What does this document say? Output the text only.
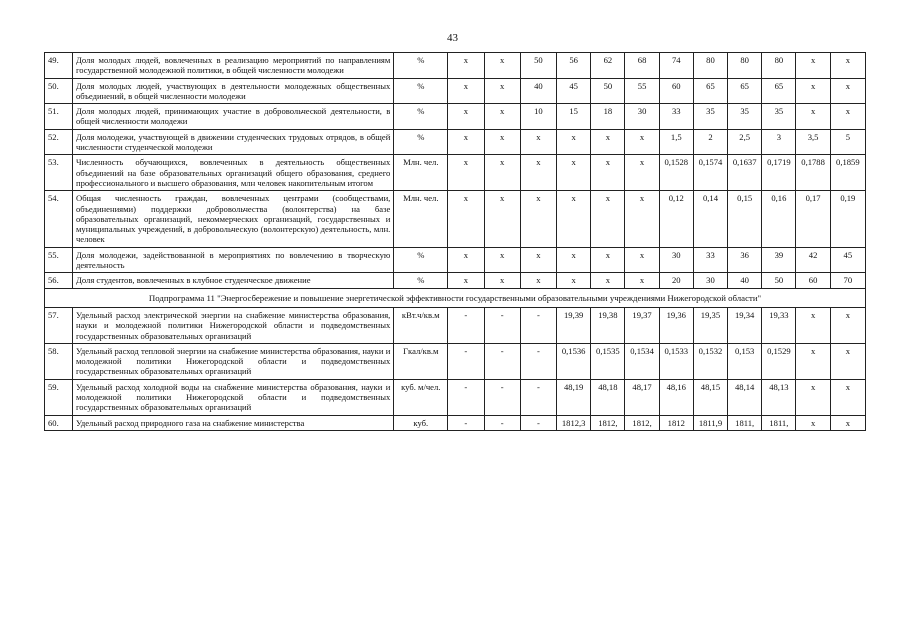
43
49.	Доля молодых людей, вовлеченных в реализацию мероприятий по направлениям государственной молодежной политики, в общей численности молодежи	%	x	x	50	56	62	68	74	80	80	80	x	x
50.	Доля молодых людей, участвующих в деятельности молодежных общественных объединений, в общей численности молодежи	%	x	x	40	45	50	55	60	65	65	65	x	x
51.	Доля молодых людей, принимающих участие в добровольческой деятельности, в общей численности молодежи	%	x	x	10	15	18	30	33	35	35	35	x	x
52.	Доля молодежи, участвующей в движении студенческих трудовых отрядов, в общей численности студенческой молодежи	%	x	x	x	x	x	x	1,5	2	2,5	3	3,5	5
53.	Численность обучающихся, вовлеченных в деятельность общественных объединений на базе образовательных организаций общего образования, среднего профессионального и высшего образования, млн человек накопительным итогом	Млн. чел.	x	x	x	x	x	x	0,1528	0,1574	0,1637	0,1719	0,1788	0,1859
54.	Общая численность граждан, вовлеченных центрами (сообществами, объединениями) поддержки добровольчества (волонтерства) на базе образовательных организаций, некоммерческих организаций, государственных и муниципальных учреждений, в добровольческую (волонтерскую) деятельность, млн. человек	Млн. чел.	x	x	x	x	x	x	0,12	0,14	0,15	0,16	0,17	0,19
55.	Доля молодежи, задействованной в мероприятиях по вовлечению в творческую деятельность	%	x	x	x	x	x	x	30	33	36	39	42	45
56.	Доля студентов, вовлеченных в клубное студенческое движение	%	x	x	x	x	x	x	20	30	40	50	60	70
Подпрограмма 11 "Энергосбережение и повышение энергетической эффективности государственными образовательными учреждениями Нижегородской области"														
57.	Удельный расход электрической энергии на снабжение министерства образования, науки и молодежной политики Нижегородской области и подведомственных государственных образовательных организаций	кВт.ч/кв.м	-	-	-	19,39	19,38	19,37	19,36	19,35	19,34	19,33	x	x
58.	Удельный расход тепловой энергии на снабжение министерства образования, науки и молодежной политики Нижегородской области и подведомственных государственных образовательных организаций	Гкал/кв.м	-	-	-	0,1536	0,1535	0,1534	0,1533	0,1532	0,153	0,1529	x	x
59.	Удельный расход холодной воды на снабжение министерства образования, науки и молодежной политики Нижегородской области и подведомственных государственных образовательных организаций	куб. м/чел.	-	-	-	48,19	48,18	48,17	48,16	48,15	48,14	48,13	x	x
60.	Удельный расход природного газа на снабжение министерства	куб.	-	-	-	1812,3	1812,	1812,	1812	1811,9	1811,	1811,	x	x
